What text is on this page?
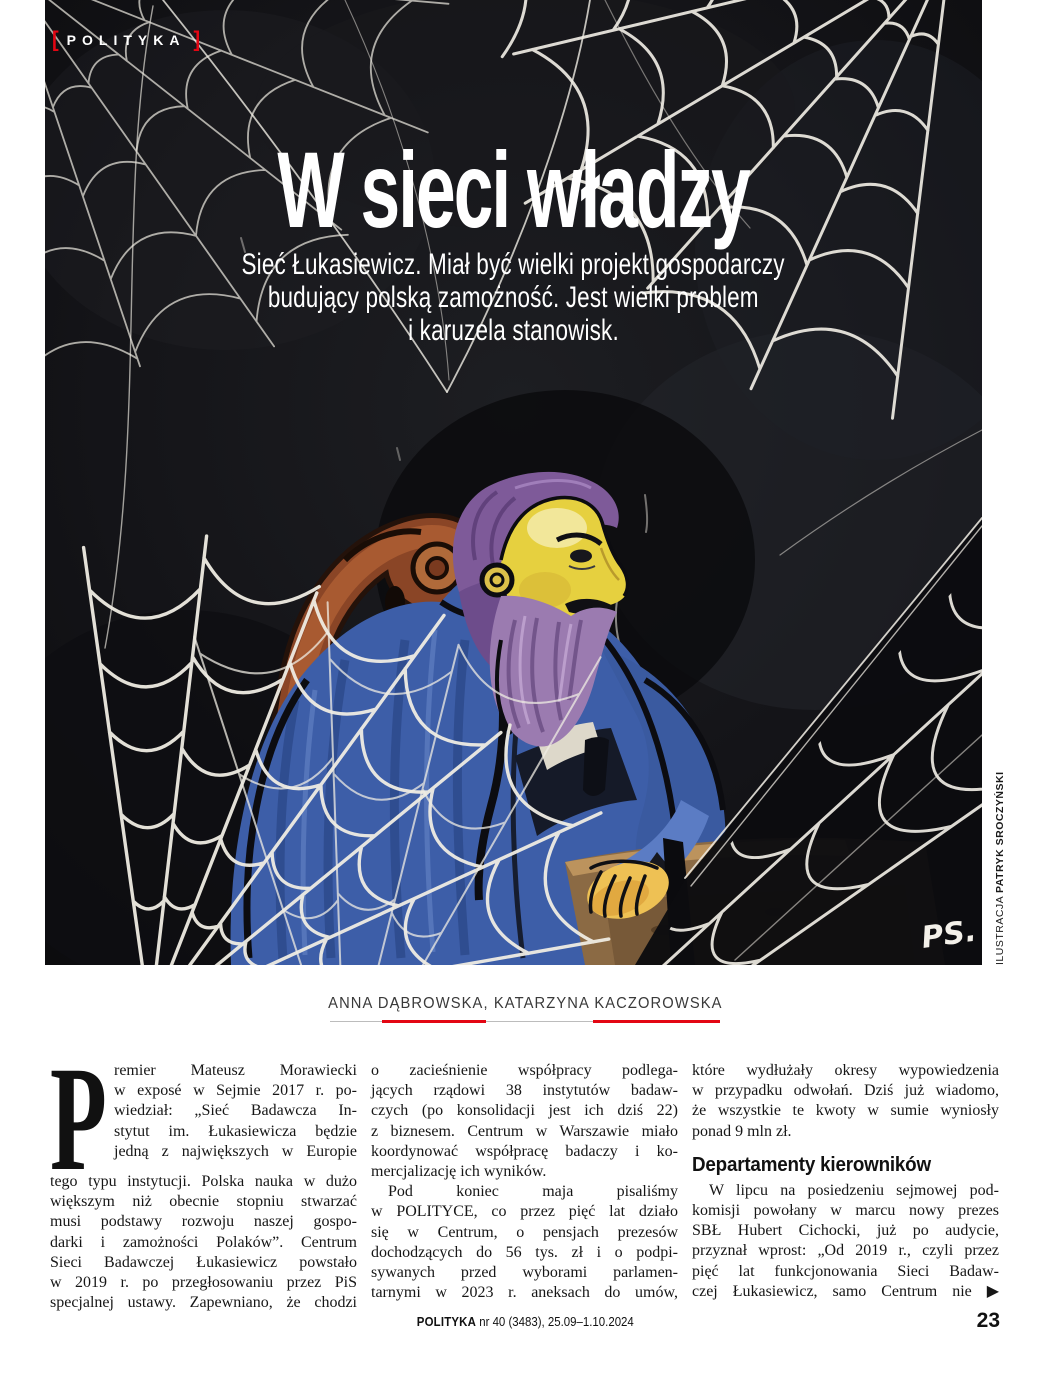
PS.
[ POLITYKA ]
W sieci władzy
Sieć Łukasiewicz. Miał być wielki projekt gospodarczy
budujący polską zamożność. Jest wielki problem
i karuzela stanowisk.
ILUSTRACJA PATRYK SROCZYŃSKI
ANNA DĄBROWSKA, KATARZYNA KACZOROWSKA
P remier Mateusz Morawiecki
w exposé w Sejmie 2017 r. po-
wiedział: „Sieć Badawcza In-
stytut im. Łukasiewicza będzie
jedną z największych w Europie
tego typu instytucji. Polska nauka w dużo
większym niż obecnie stopniu stwarzać
musi podstawy rozwoju naszej gospo-
darki i zamożności Polaków”. Centrum
Sieci Badawczej Łukasiewicz powstało
w 2019 r. po przegłosowaniu przez PiS
specjalnej ustawy. Zapewniano, że chodzi
o zacieśnienie współpracy podlega-
jących rządowi 38 instytutów badaw-
czych (po konsolidacji jest ich dziś 22)
z biznesem. Centrum w Warszawie miało
koordynować współpracę badaczy i ko-
mercjalizację ich wyników.
Pod koniec maja pisaliśmy
w POLITYCE, co przez pięć lat działo
się w Centrum, o pensjach prezesów
dochodzących do 56 tys. zł i o podpi-
sywanych przed wyborami parlamen-
tarnymi w 2023 r. aneksach do umów,
które wydłużały okresy wypowiedzenia
w przypadku odwołań. Dziś już wiadomo,
że wszystkie te kwoty w sumie wyniosły
ponad 9 mln zł.
Departamenty kierowników
W lipcu na posiedzeniu sejmowej pod-
komisji powołany w marcu nowy prezes
SBŁ Hubert Cichocki, już po audycie,
przyznał wprost: „Od 2019 r., czyli przez
pięć lat funkcjonowania Sieci Badaw-
czej Łukasiewicz, samo Centrum nie ▶
POLITYKA nr 40 (3483), 25.09–1.10.2024	23
